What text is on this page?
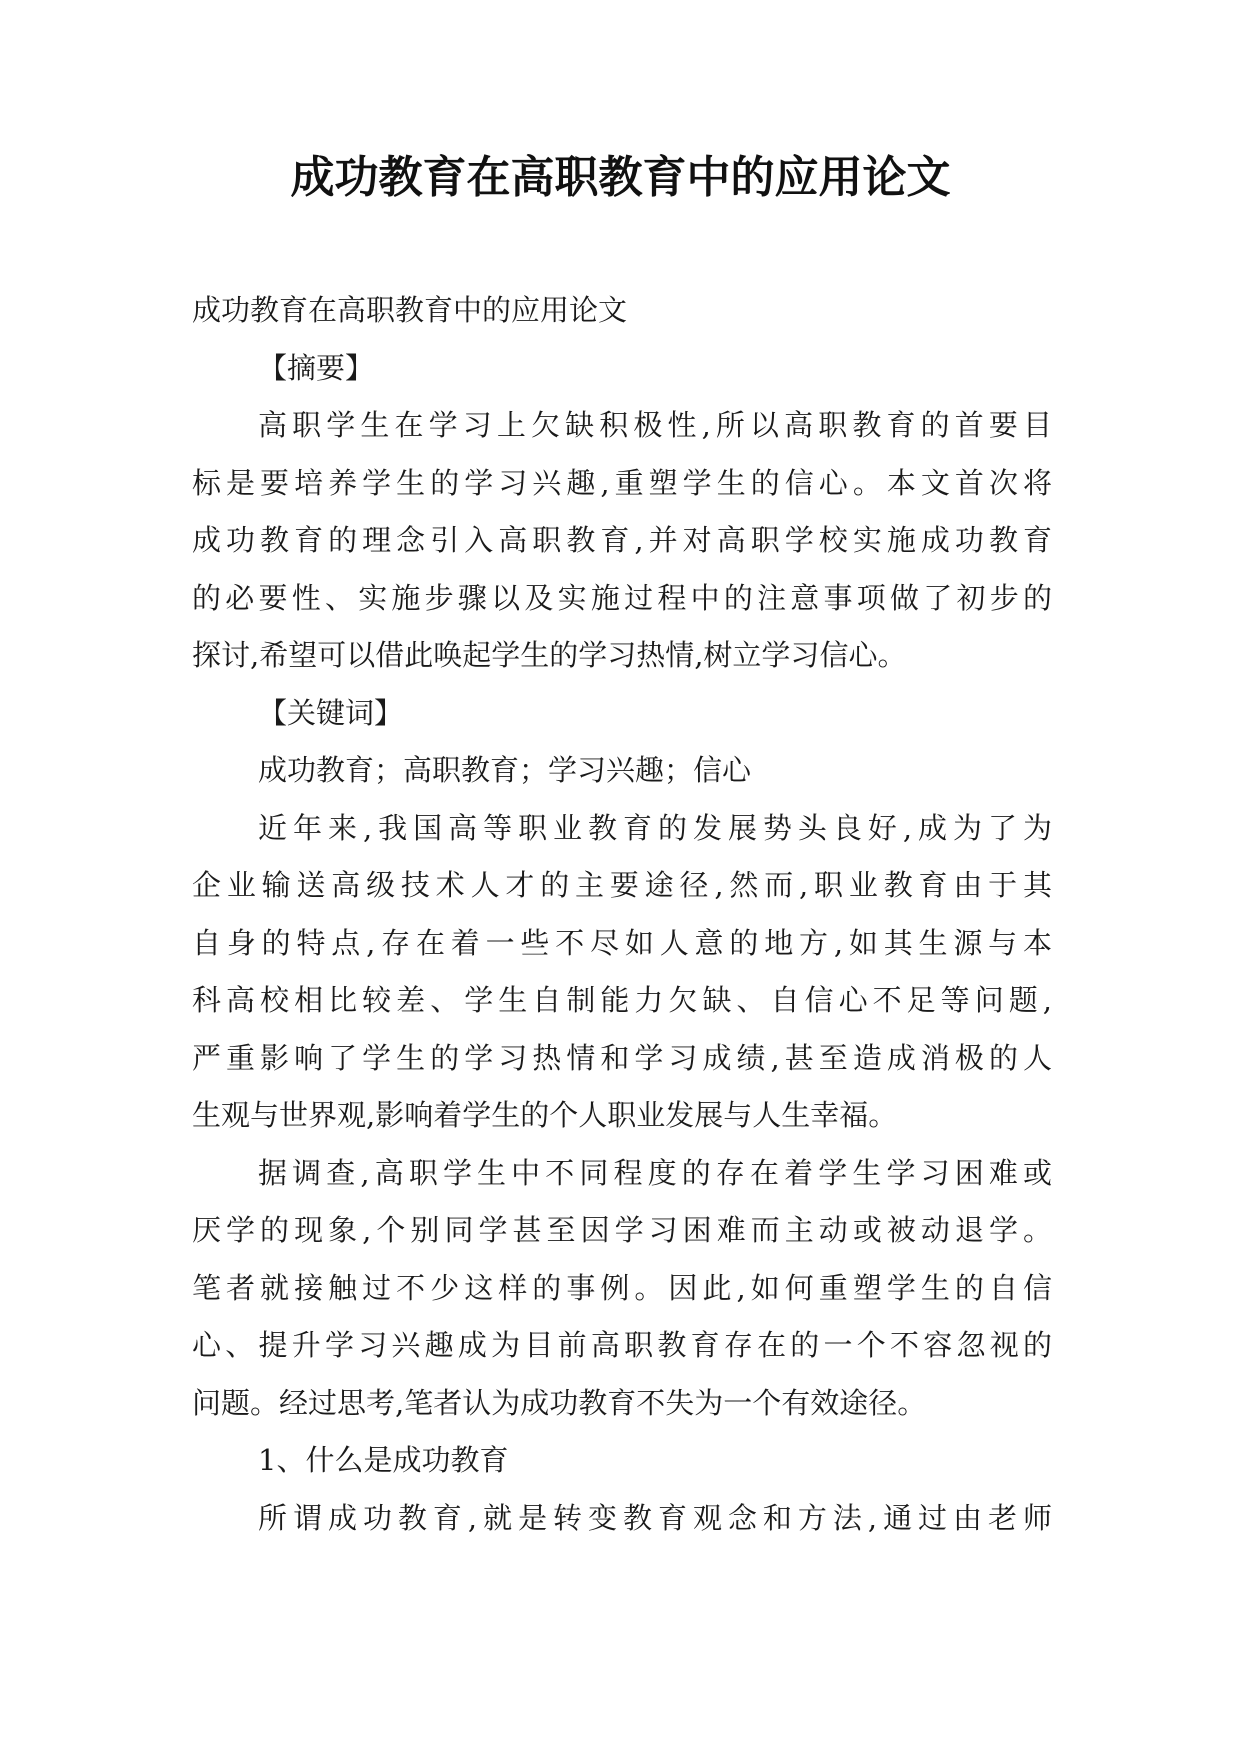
成功教育在高职教育中的应用论文
成功教育在高职教育中的应用论文
【摘要】
高职学生在学习上欠缺积极性,所以高职教育的首要目
标是要培养学生的学习兴趣,重塑学生的信心。本文首次将
成功教育的理念引入高职教育,并对高职学校实施成功教育
的必要性、实施步骤以及实施过程中的注意事项做了初步的
探讨,希望可以借此唤起学生的学习热情,树立学习信心。
【关键词】
成功教育；高职教育；学习兴趣；信心
近年来,我国高等职业教育的发展势头良好,成为了为
企业输送高级技术人才的主要途径,然而,职业教育由于其
自身的特点,存在着一些不尽如人意的地方,如其生源与本
科高校相比较差、学生自制能力欠缺、自信心不足等问题,
严重影响了学生的学习热情和学习成绩,甚至造成消极的人
生观与世界观,影响着学生的个人职业发展与人生幸福。
据调查,高职学生中不同程度的存在着学生学习困难或
厌学的现象,个别同学甚至因学习困难而主动或被动退学。
笔者就接触过不少这样的事例。因此,如何重塑学生的自信
心、提升学习兴趣成为目前高职教育存在的一个不容忽视的
问题。经过思考,笔者认为成功教育不失为一个有效途径。
1、什么是成功教育
所谓成功教育,就是转变教育观念和方法,通过由老师
